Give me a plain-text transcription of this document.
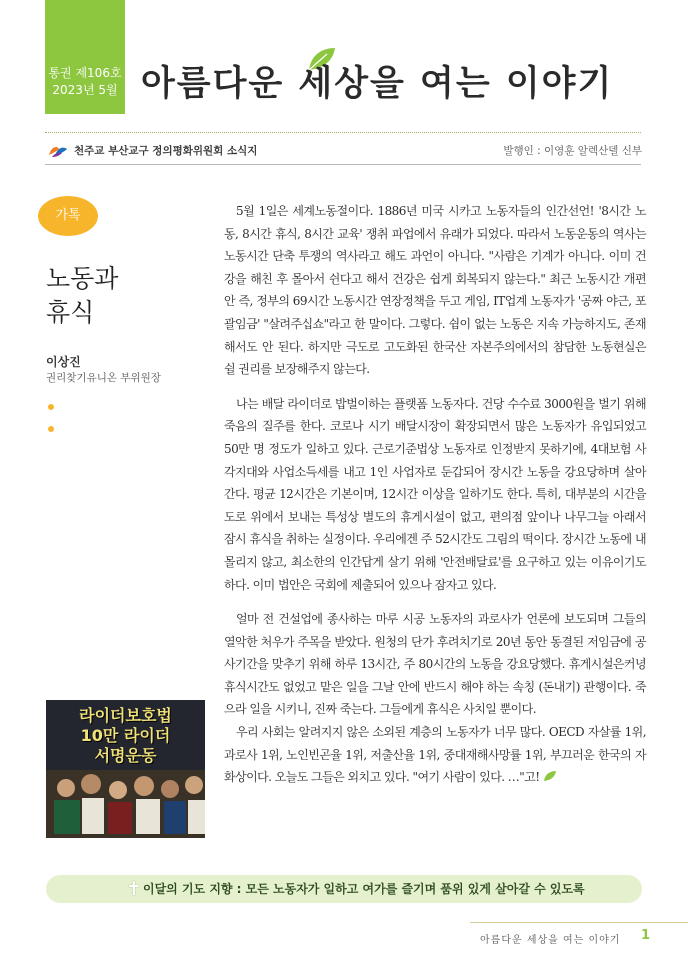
통권 제106호
2023년 5월 아름다운 세상을 여는 이야기
천주교 부산교구 정의평화위원회 소식지	발행인 : 이영훈 알렉산델 신부
가톡
노동과
휴식
이상진
권리찾기유니온 부위원장
라이더보호법
10만 라이더
서명운동

5월 1일은 세계노동절이다. 1886년 미국 시카고 노동자들의 인간선언! '8시간 노동, 8시간 휴식, 8시간 교육' 쟁취 파업에서 유래가 되었다. 따라서 노동운동의 역사는 노동시간 단축 투쟁의 역사라고 해도 과언이 아니다. "사람은 기계가 아니다. 이미 건강을 해친 후 몰아서 쉰다고 해서 건강은 쉽게 회복되지 않는다." 최근 노동시간 개편안 즉, 정부의 69시간 노동시간 연장정책을 두고 게임, IT업계 노동자가 '공짜 야근, 포괄임금' "살려주십쇼"라고 한 말이다. 그렇다. 쉼이 없는 노동은 지속 가능하지도, 존재해서도 안 된다. 하지만 극도로 고도화된 한국산 자본주의에서의 참담한 노동현실은 쉴 권리를 보장해주지 않는다.

나는 배달 라이더로 밥벌이하는 플랫폼 노동자다. 건당 수수료 3000원을 벌기 위해 죽음의 질주를 한다. 코로나 시기 배달시장이 확장되면서 많은 노동자가 유입되었고 50만 명 정도가 일하고 있다. 근로기준법상 노동자로 인정받지 못하기에, 4대보험 사각지대와 사업소득세를 내고 1인 사업자로 둔갑되어 장시간 노동을 강요당하며 살아간다. 평균 12시간은 기본이며, 12시간 이상을 일하기도 한다. 특히, 대부분의 시간을 도로 위에서 보내는 특성상 별도의 휴게시설이 없고, 편의점 앞이나 나무그늘 아래서 잠시 휴식을 취하는 실정이다. 우리에겐 주 52시간도 그림의 떡이다. 장시간 노동에 내몰리지 않고, 최소한의 인간답게 살기 위해 '안전배달료'를 요구하고 있는 이유이기도 하다. 이미 법안은 국회에 제출되어 있으나 잠자고 있다.

얼마 전 건설업에 종사하는 마루 시공 노동자의 과로사가 언론에 보도되며 그들의 열악한 처우가 주목을 받았다. 원청의 단가 후려치기로 20년 동안 동결된 저임금에 공사기간을 맞추기 위해 하루 13시간, 주 80시간의 노동을 강요당했다. 휴게시설은커녕 휴식시간도 없었고 맡은 일을 그날 안에 반드시 해야 하는 속칭 (돈내기) 관행이다. 죽으라 일을 시키니, 진짜 죽는다. 그들에게 휴식은 사치일 뿐이다.

우리 사회는 알려지지 않은 소외된 계층의 노동자가 너무 많다. OECD 자살률 1위, 과로사 1위, 노인빈곤율 1위, 저출산율 1위, 중대재해사망률 1위, 부끄러운 한국의 자화상이다. 오늘도 그들은 외치고 있다. "여기 사람이 있다. …"고!

✝ 이달의 기도 지향 : 모든 노동자가 일하고 여가를 즐기며 품위 있게 살아갈 수 있도록
아름다운 세상을 여는 이야기 1
